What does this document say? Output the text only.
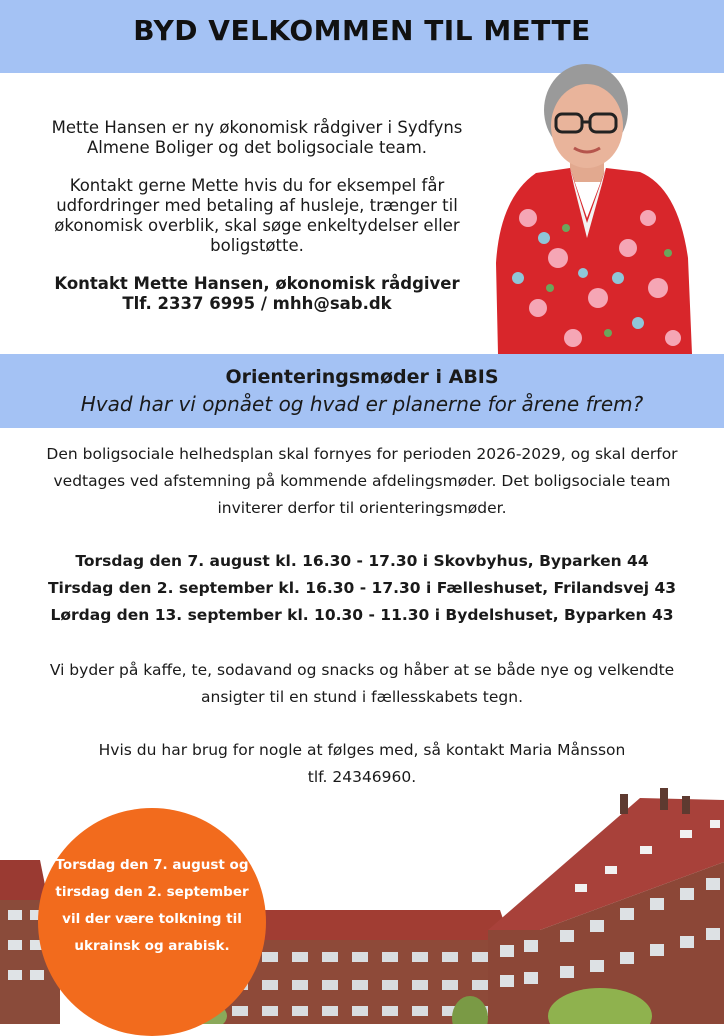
BYD VELKOMMEN TIL METTE

Mette Hansen er ny økonomisk rådgiver i Sydfyns Almene Boliger og det boligsociale team.

Kontakt gerne Mette hvis du for eksempel får udfordringer med betaling af husleje, trænger til økonomisk overblik, skal søge enkeltydelser eller boligstøtte.

Kontakt Mette Hansen, økonomisk rådgiver

Tlf. 2337 6995 / mhh@sab.dk

Orienteringsmøder i ABIS
Hvad har vi opnået og hvad er planerne for årene frem?

Den boligsociale helhedsplan skal fornyes for perioden 2026-2029, og skal derfor vedtages ved afstemning på kommende afdelingsmøder. Det boligsociale team inviterer derfor til orienteringsmøder.

Torsdag den 7. august kl. 16.30 - 17.30 i Skovbyhus, Byparken 44

Tirsdag den 2. september kl. 16.30 - 17.30 i Fælleshuset, Frilandsvej 43

Lørdag den 13. september kl. 10.30 - 11.30 i Bydelshuset, Byparken 43

Vi byder på kaffe, te, sodavand og snacks og håber at se både nye og velkendte ansigter til en stund i fællesskabets tegn.

Hvis du har brug for nogle at følges med, så kontakt Maria Månsson

tlf. 24346960.

Torsdag den 7. august og tirsdag den 2. september vil der være tolkning til ukrainsk og arabisk.
